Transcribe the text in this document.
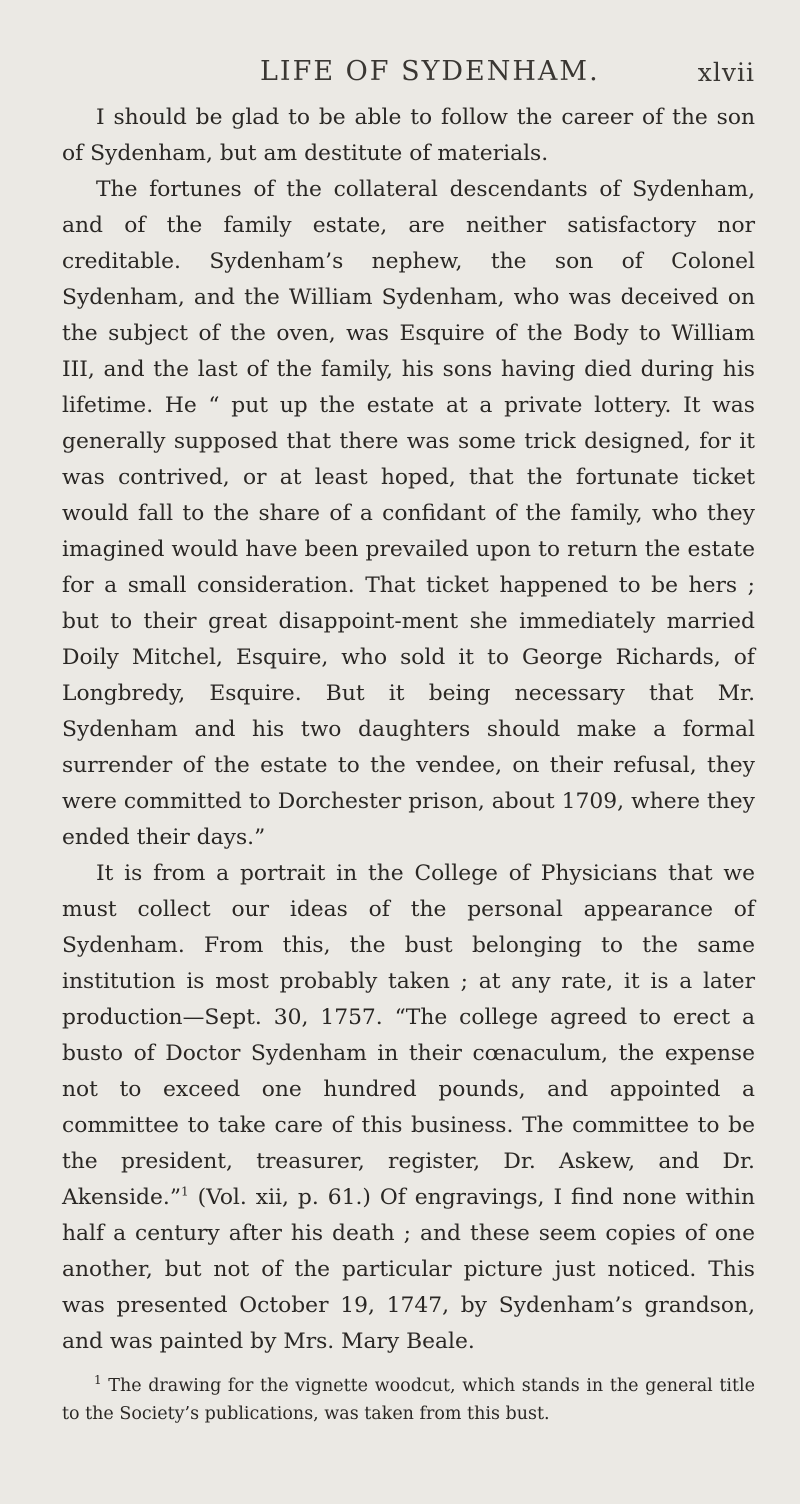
LIFE OF SYDENHAM.	xlvii

I should be glad to be able to follow the career of the son of Sydenham, but am destitute of materials.

The fortunes of the collateral descendants of Sydenham, and of the family estate, are neither satisfactory nor creditable. Sydenham’s nephew, the son of Colonel Sydenham, and the William Sydenham, who was deceived on the subject of the oven, was Esquire of the Body to William III, and the last of the family, his sons having died during his lifetime. He “ put up the estate at a private lottery. It was generally supposed that there was some trick designed, for it was contrived, or at least hoped, that the fortunate ticket would fall to the share of a confidant of the family, who they imagined would have been prevailed upon to return the estate for a small consideration. That ticket happened to be hers ; but to their great disappoint-ment she immediately married Doily Mitchel, Esquire, who sold it to George Richards, of Longbredy, Esquire. But it being necessary that Mr. Sydenham and his two daughters should make a formal surrender of the estate to the vendee, on their refusal, they were committed to Dorchester prison, about 1709, where they ended their days.”

It is from a portrait in the College of Physicians that we must collect our ideas of the personal appearance of Sydenham. From this, the bust belonging to the same institution is most probably taken ; at any rate, it is a later production—Sept. 30, 1757. “The college agreed to erect a busto of Doctor Sydenham in their cœnaculum, the expense not to exceed one hundred pounds, and appointed a committee to take care of this business. The committee to be the president, treasurer, register, Dr. Askew, and Dr. Akenside.”$^1$ (Vol. xii, p. 61.) Of engravings, I find none within half a century after his death ; and these seem copies of one another, but not of the particular picture just noticed. This was presented October 19, 1747, by Sydenham’s grandson, and was painted by Mrs. Mary Beale.

$^1$ The drawing for the vignette woodcut, which stands in the general title to the Society’s publications, was taken from this bust.
